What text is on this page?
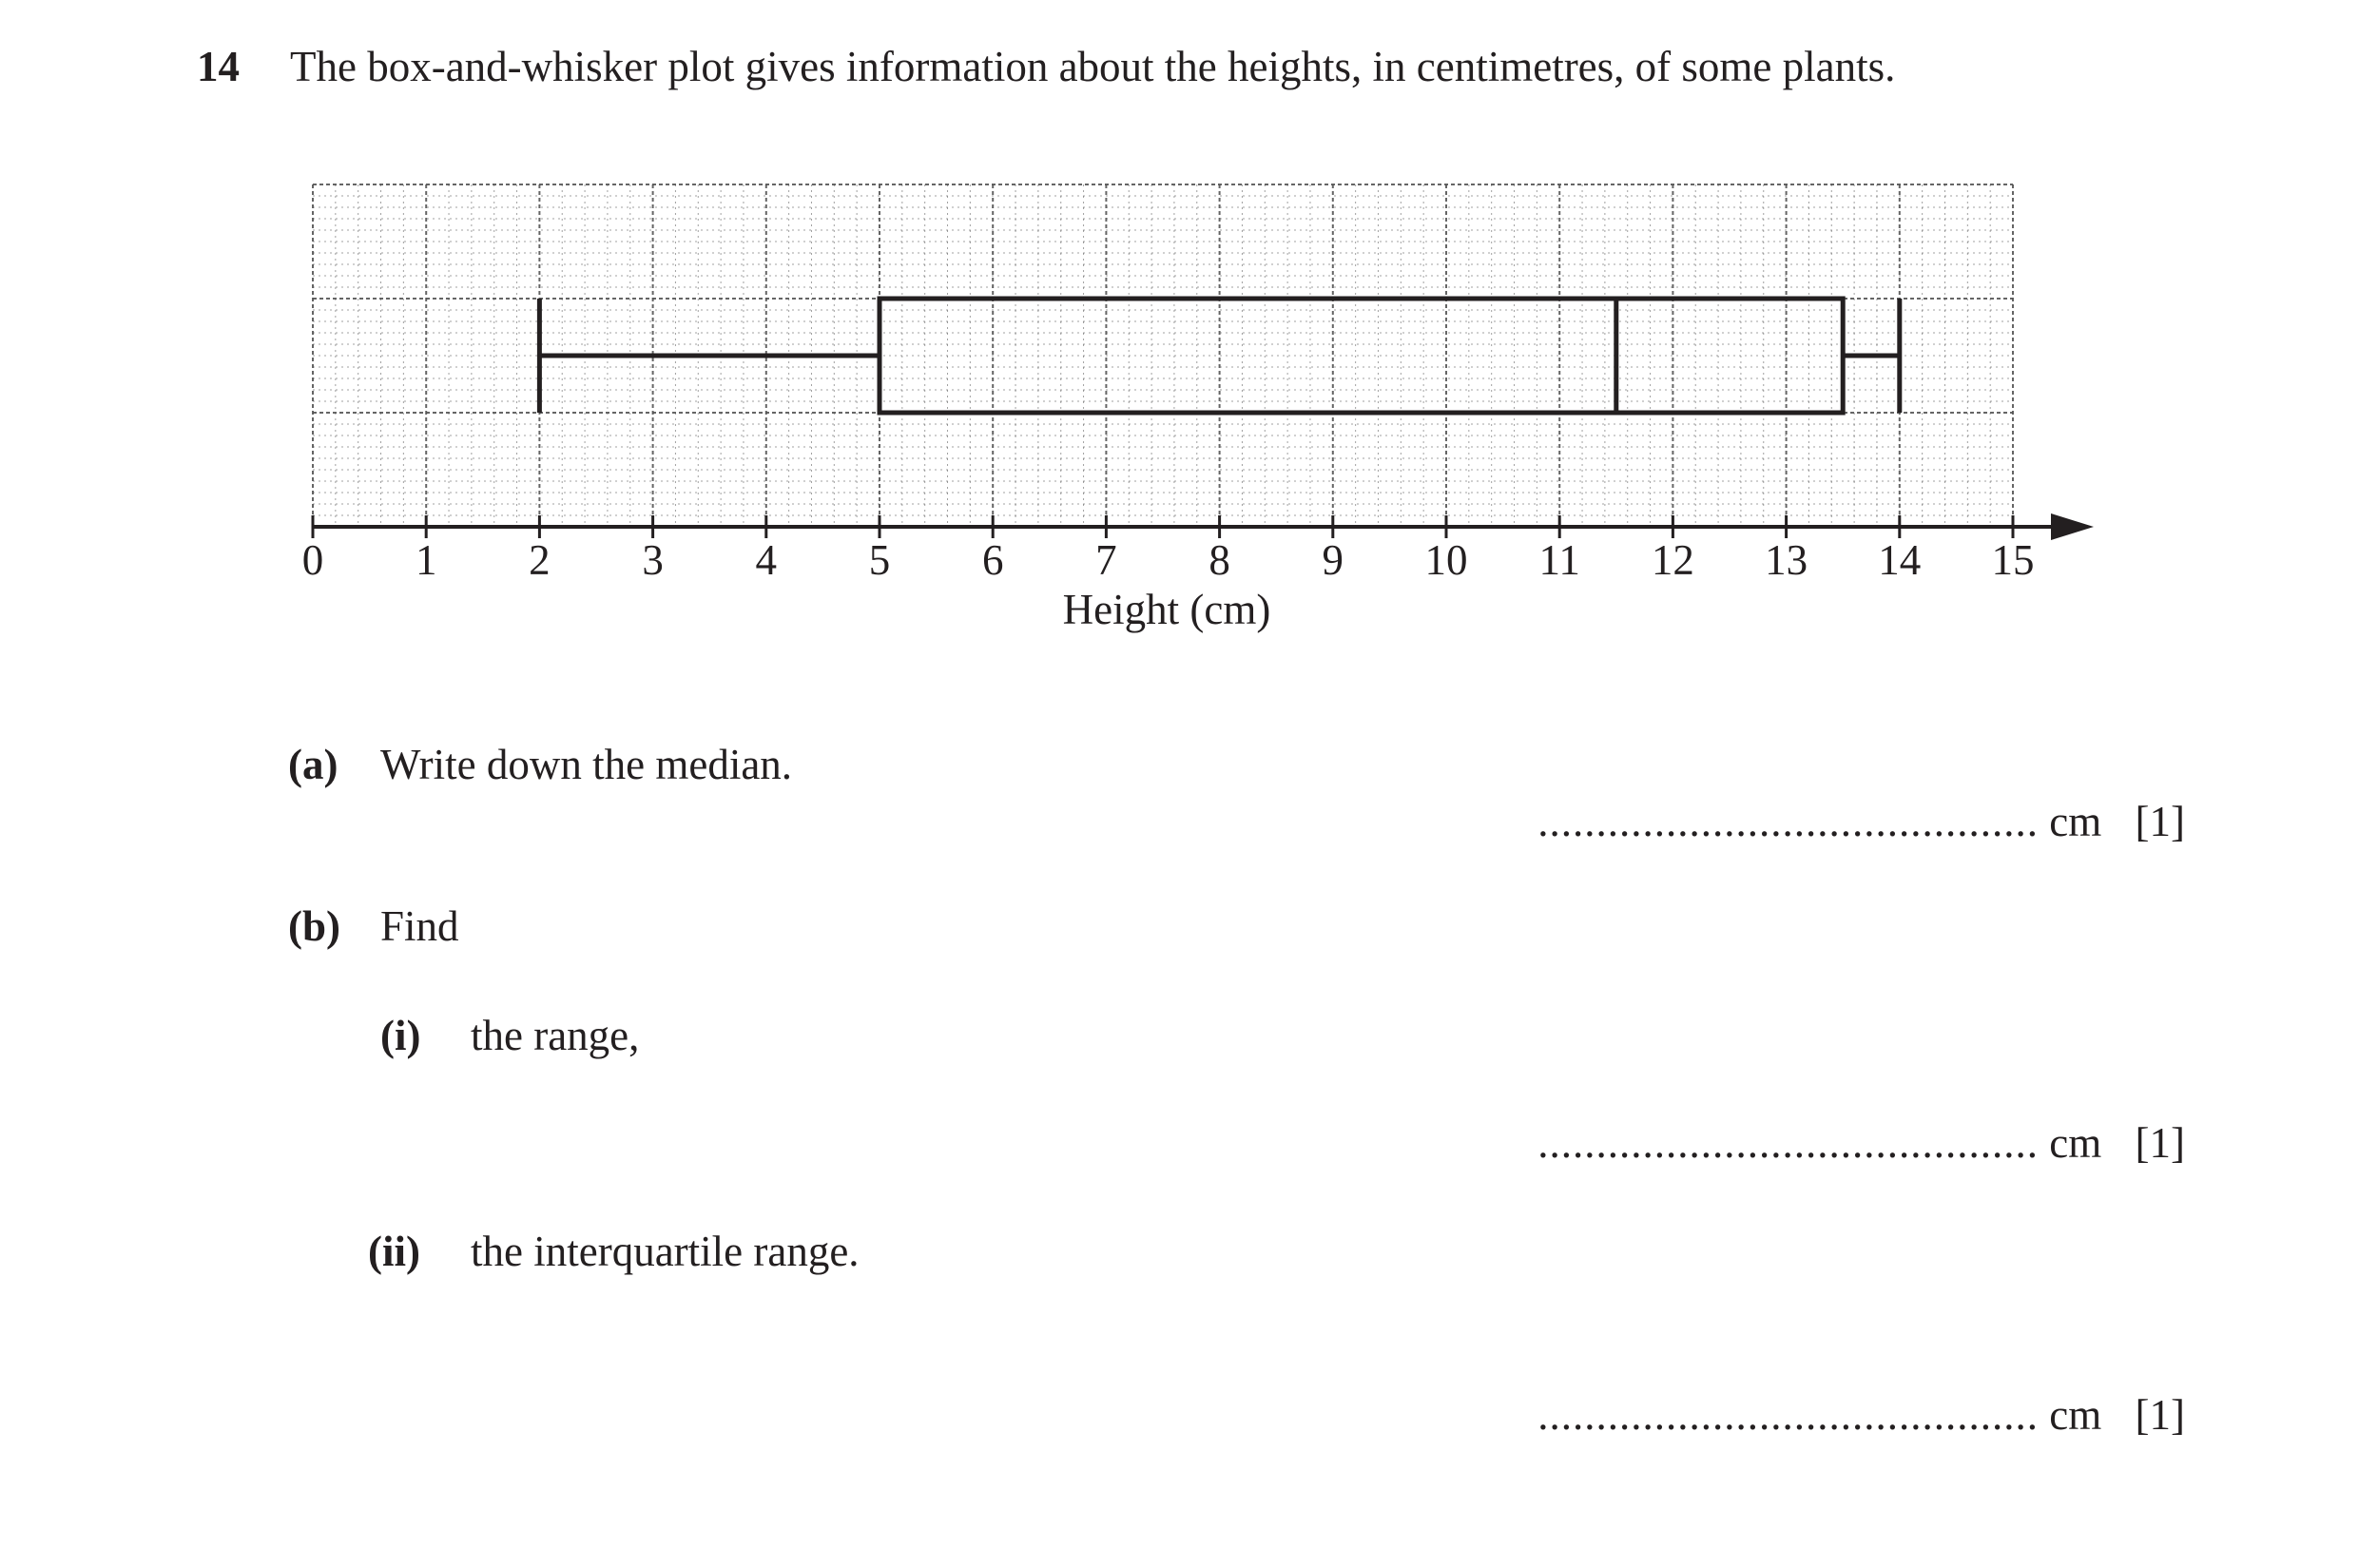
14 The box-and-whisker plot gives information about the heights, in centimetres, of some plants.
0 1 2 3 4 5 6 7 8 9 10 11 12 13 14 15
Height (cm)
(a) Write down the median.
........................................... cm [1]
(b) Find
(i) the range,
........................................... cm [1]
(ii) the interquartile range.
........................................... cm [1]
